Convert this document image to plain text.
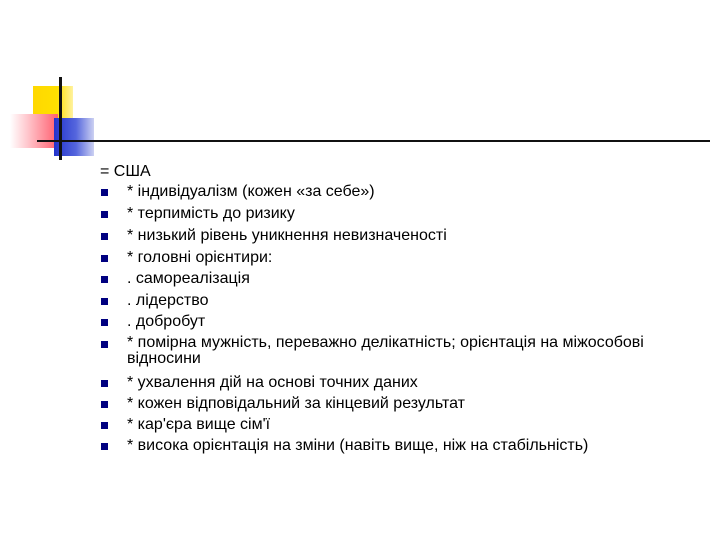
= США
* індивідуалізм (кожен «за себе»)
* терпимість до ризику
* низький рівень уникнення невизначеності
* головні орієнтири:
. самореалізація
. лідерство
. добробут
* помірна мужність, переважно делікатність; орієнтація на міжособові відносини
* ухвалення дій на основі точних даних
* кожен відповідальний за кінцевий результат
* кар'єра вище сім'ї
* висока орієнтація на зміни (навіть вище, ніж на стабільність)
